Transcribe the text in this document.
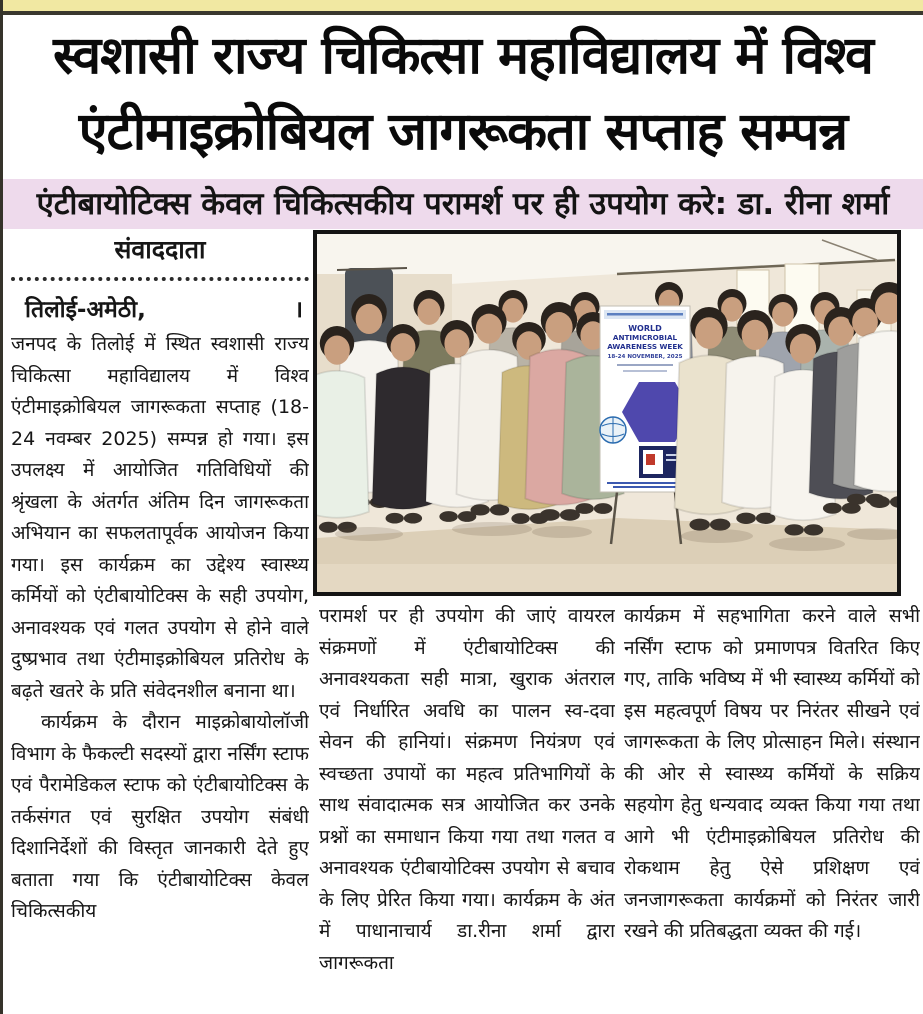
स्वशासी राज्य चिकित्सा महाविद्यालय में विश्व
एंटीमाइक्रोबियल जागरूकता सप्ताह सम्पन्न
एंटीबायोटिक्स केवल चिकित्सकीय परामर्श पर ही उपयोग करे: डा. रीना शर्मा
WORLD
ANTIMICROBIAL
AWARENESS WEEK
18-24 NOVEMBER, 2025
संवाददाता
तिलोई-अमेठी,	।

जनपद के तिलोई में स्थित स्वशासी राज्य चिकित्सा महाविद्यालय में विश्व एंटीमाइक्रोबियल जागरूकता सप्ताह (18-24 नवम्बर 2025) सम्पन्न हो गया। इस उपलक्ष्य में आयोजित गतिविधियों की श्रृंखला के अंतर्गत अंतिम दिन जागरूकता अभियान का सफलतापूर्वक आयोजन किया गया। इस कार्यक्रम का उद्देश्य स्वास्थ्य कर्मियों को एंटीबायोटिक्स के सही उपयोग, अनावश्यक एवं गलत उपयोग से होने वाले दुष्प्रभाव तथा एंटीमाइक्रोबियल प्रतिरोध के बढ़ते खतरे के प्रति संवेदनशील बनाना था।

कार्यक्रम के दौरान माइक्रोबायोलॉजी विभाग के फैकल्टी सदस्यों द्वारा नर्सिंग स्टाफ एवं पैरामेडिकल स्टाफ को एंटीबायोटिक्स के तर्कसंगत एवं सुरक्षित उपयोग संबंधी दिशानिर्देशों की विस्तृत जानकारी देते हुए बताता गया कि एंटीबायोटिक्स केवल चिकित्सकीय

परामर्श पर ही उपयोग की जाएं वायरल संक्रमणों में एंटीबायोटिक्स की अनावश्यकता सही मात्रा, खुराक अंतराल एवं निर्धारित अवधि का पालन स्व-दवा सेवन की हानियां। संक्रमण नियंत्रण एवं स्वच्छता उपायों का महत्व प्रतिभागियों के साथ संवादात्मक सत्र आयोजित कर उनके प्रश्नों का समाधान किया गया तथा गलत व अनावश्यक एंटीबायोटिक्स उपयोग से बचाव के लिए प्रेरित किया गया। कार्यक्रम के अंत में पाधानाचार्य डा.रीना शर्मा द्वारा जागरूकता

कार्यक्रम में सहभागिता करने वाले सभी नर्सिंग स्टाफ को प्रमाणपत्र वितरित किए गए, ताकि भविष्य में भी स्वास्थ्य कर्मियों को इस महत्वपूर्ण विषय पर निरंतर सीखने एवं जागरूकता के लिए प्रोत्साहन मिले। संस्थान की ओर से स्वास्थ्य कर्मियों के सक्रिय सहयोग हेतु धन्यवाद व्यक्त किया गया तथा आगे भी एंटीमाइक्रोबियल प्रतिरोध की रोकथाम हेतु ऐसे प्रशिक्षण एवं जनजागरूकता कार्यक्रमों को निरंतर जारी रखने की प्रतिबद्धता व्यक्त की गई।
